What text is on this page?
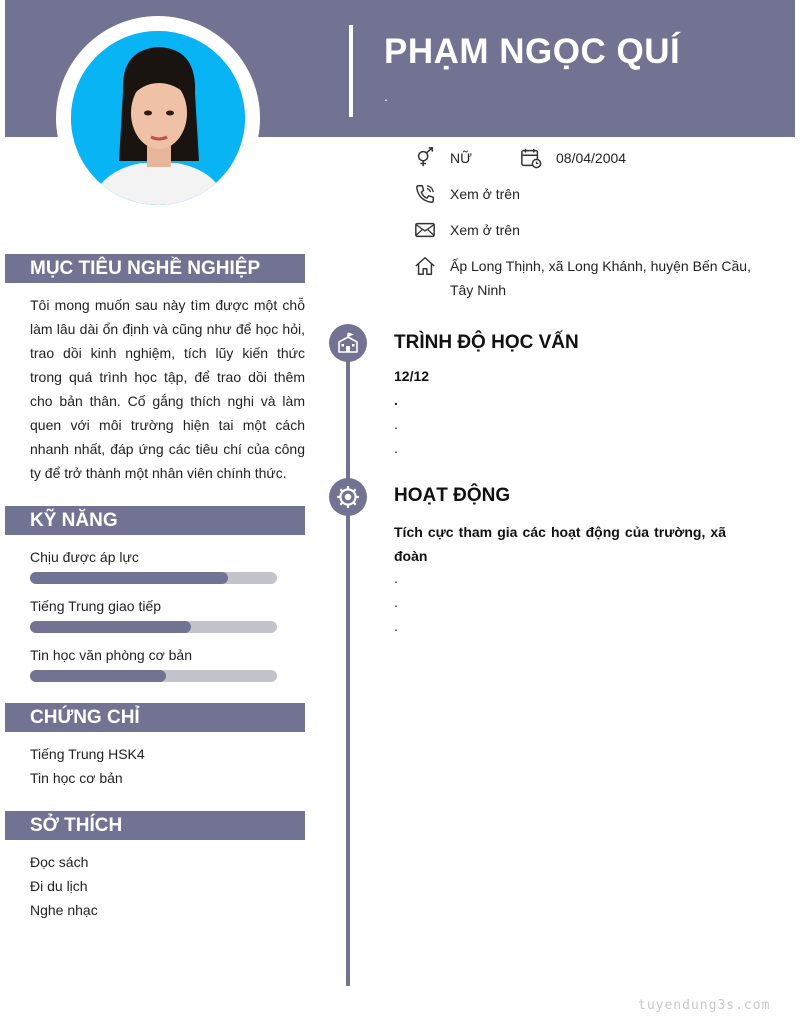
PHẠM NGỌC QUÍ
.
NỮ	08/04/2004
Xem ở trên
Xem ở trên
Ấp Long Thịnh, xã Long Khánh, huyện Bến Cầu, Tây Ninh
MỤC TIÊU NGHỀ NGHIỆP
Tôi mong muốn sau này tìm được một chỗ làm lâu dài ổn định và cũng như để học hỏi, trao dồi kinh nghiệm, tích lũy kiến thức trong quá trình học tập, để trao dồi thêm cho bản thân. Cố gắng thích nghi và làm quen với môi trường hiện tai một cách nhanh nhất, đáp ứng các tiêu chí của công ty để trở thành một nhân viên chính thức.
KỸ NĂNG
Chịu được áp lực
Tiếng Trung giao tiếp
Tin học văn phòng cơ bản
CHỨNG CHỈ
Tiếng Trung HSK4
Tin học cơ bản
SỞ THÍCH
Đọc sách
Đi du lịch
Nghe nhạc
TRÌNH ĐỘ HỌC VẤN
12/12
.
.
.
HOẠT ĐỘNG
Tích cực tham gia các hoạt động của trường, xã đoàn
.
.
.
tuyendung3s.com
